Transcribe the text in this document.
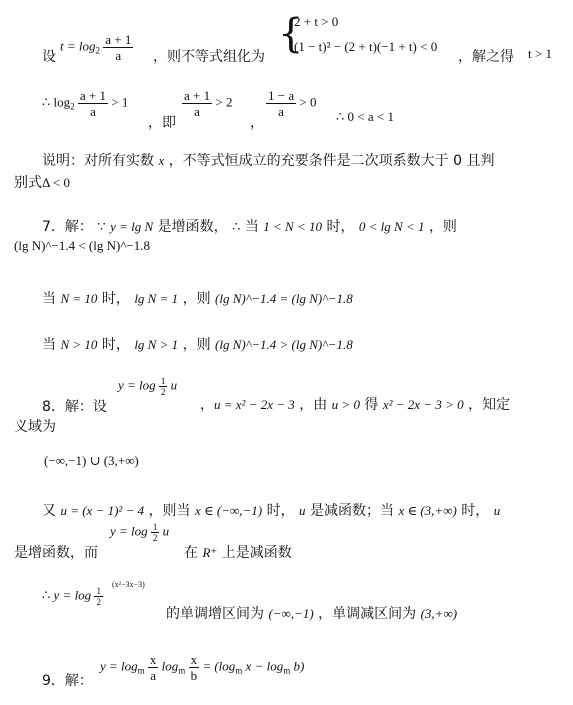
设
$t = \log_2 \frac{a + 1}{a}$ ，则不等式组化为 {
2 + t > 0
(1 − t)² − (2 + t)(−1 + t) < 0
，解之得 t > 1
∴ $\log_2 \frac{a + 1}{a} > 1$
，即
$\frac{a + 1}{a} > 2$
，
$\frac{1 - a}{a} > 0$
∴ 0 < a < 1
说明：对所有实数 x ，不等式恒成立的充要条件是二次项系数大于 0 且判
别式Δ < 0
7．解： ∵ y = lg N 是增函数， ∴ 当 1 < N < 10 时， 0 < lg N < 1 ，则
(lg N)^−1.4 < (lg N)^−1.8
当 N = 10 时， lg N = 1 ，则 (lg N)^−1.4 = (lg N)^−1.8
当 N > 10 时， lg N > 1 ，则 (lg N)^−1.4 > (lg N)^−1.8
$y = \log \frac{1}{2}$ u
8．解：设	，u = x² − 2x − 3 ，由 u > 0 得 x² − 2x − 3 > 0 ，知定
义域为
(−∞,−1) ∪ (3,+∞)
又 u = (x − 1)² − 4 ，则当 x ∈ (−∞,−1) 时， u 是减函数；当 x ∈ (3,+∞) 时， u
是增函数，而
$y = \log \frac{1}{2}$ u
在 R⁺ 上是减函数
∴ $y = \log \frac{1}{2}$
(x²−3x−3)
的单调增区间为 (−∞,−1) ，单调减区间为 (3,+∞)
$y = \log_m \frac{x}{a} \log_m \frac{x}{b} = (\log_m$ $x - \log_m b$)
9．解：
